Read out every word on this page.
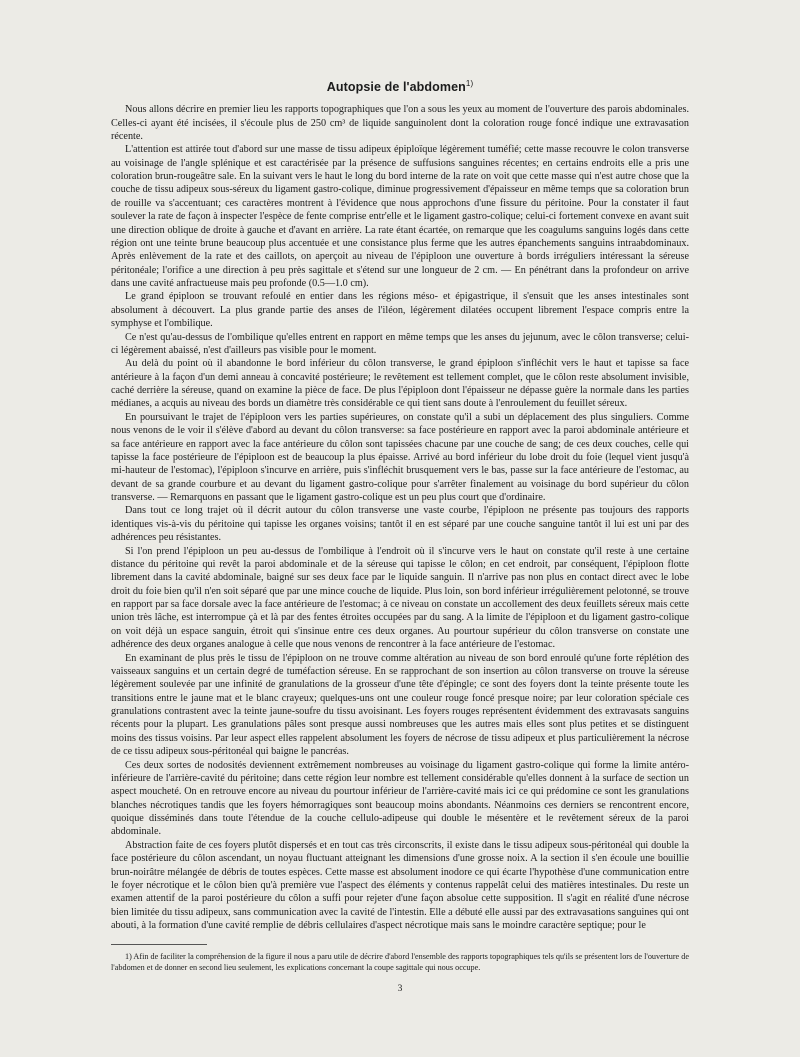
Autopsie de l'abdomen$^{1)}$

Nous allons décrire en premier lieu les rapports topographiques que l'on a sous les yeux au moment de l'ouverture des parois abdominales. Celles-ci ayant été incisées, il s'écoule plus de 250 cm³ de liquide sanguinolent dont la coloration rouge foncé indique une extravasation récente.

L'attention est attirée tout d'abord sur une masse de tissu adipeux épiploïque légèrement tuméfié; cette masse recouvre le colon transverse au voisinage de l'angle splénique et est caractérisée par la présence de suffusions sanguines récentes; en certains endroits elle a pris une coloration brun-rougeâtre sale. En la suivant vers le haut le long du bord interne de la rate on voit que cette masse qui n'est autre chose que la couche de tissu adipeux sous-séreux du ligament gastro-colique, diminue progressivement d'épaisseur en même temps que sa coloration brun de rouille va s'accentuant; ces caractères montrent à l'évidence que nous approchons d'une fissure du péritoine. Pour la constater il faut soulever la rate de façon à inspecter l'espèce de fente comprise entr'elle et le ligament gastro-colique; celui-ci fortement convexe en avant suit une direction oblique de droite à gauche et d'avant en arrière. La rate étant écartée, on remarque que les coagulums sanguins logés dans cette région ont une teinte brune beaucoup plus accentuée et une consistance plus ferme que les autres épanchements sanguins intraabdominaux. Après enlèvement de la rate et des caillots, on aperçoit au niveau de l'épiploon une ouverture à bords irréguliers intéressant la séreuse péritonéale; l'orifice a une direction à peu près sagittale et s'étend sur une longueur de 2 cm. — En pénétrant dans la profondeur on arrive dans une cavité anfractueuse mais peu profonde (0.5—1.0 cm).

Le grand épiploon se trouvant refoulé en entier dans les régions méso- et épigastrique, il s'ensuit que les anses intestinales sont absolument à découvert. La plus grande partie des anses de l'iléon, légèrement dilatées occupent librement l'espace compris entre la symphyse et l'ombilique.

Ce n'est qu'au-dessus de l'ombilique qu'elles entrent en rapport en même temps que les anses du jejunum, avec le côlon transverse; celui-ci légèrement abaissé, n'est d'ailleurs pas visible pour le moment.

Au delà du point où il abandonne le bord inférieur du côlon transverse, le grand épiploon s'infléchit vers le haut et tapisse sa face antérieure à la façon d'un demi anneau à concavité postérieure; le revêtement est tellement complet, que le côlon reste absolument invisible, caché derrière la séreuse, quand on examine la pièce de face. De plus l'épiploon dont l'épaisseur ne dépasse guère la normale dans les parties médianes, a acquis au niveau des bords un diamètre très considérable ce qui tient sans doute à l'enroulement du feuillet séreux.

En poursuivant le trajet de l'épiploon vers les parties supérieures, on constate qu'il a subi un déplacement des plus singuliers. Comme nous venons de le voir il s'élève d'abord au devant du côlon transverse: sa face postérieure en rapport avec la paroi abdominale antérieure et sa face antérieure en rapport avec la face antérieure du côlon sont tapissées chacune par une couche de sang; de ces deux couches, celle qui tapisse la face postérieure de l'épiploon est de beaucoup la plus épaisse. Arrivé au bord inférieur du lobe droit du foie (lequel vient jusqu'à mi-hauteur de l'estomac), l'épiploon s'incurve en arrière, puis s'infléchit brusquement vers le bas, passe sur la face antérieure de l'estomac, au devant de sa grande courbure et au devant du ligament gastro-colique pour s'arrêter finalement au voisinage du bord supérieur du côlon transverse. — Remarquons en passant que le ligament gastro-colique est un peu plus court que d'ordinaire.

Dans tout ce long trajet où il décrit autour du côlon transverse une vaste courbe, l'épiploon ne présente pas toujours des rapports identiques vis-à-vis du péritoine qui tapisse les organes voisins; tantôt il en est séparé par une couche sanguine tantôt il lui est uni par des adhérences peu résistantes.

Si l'on prend l'épiploon un peu au-dessus de l'ombilique à l'endroit où il s'incurve vers le haut on constate qu'il reste à une certaine distance du péritoine qui revêt la paroi abdominale et de la séreuse qui tapisse le côlon; en cet endroit, par conséquent, l'épiploon flotte librement dans la cavité abdominale, baigné sur ses deux face par le liquide sanguin. Il n'arrive pas non plus en contact direct avec le lobe droit du foie bien qu'il n'en soit séparé que par une mince couche de liquide. Plus loin, son bord inférieur irrégulièrement pelotonné, se trouve en rapport par sa face dorsale avec la face antérieure de l'estomac; à ce niveau on constate un accollement des deux feuillets séreux mais cette union très lâche, est interrompue çà et là par des fentes étroites occupées par du sang. A la limite de l'épiploon et du ligament gastro-colique on voit déjà un espace sanguin, étroit qui s'insinue entre ces deux organes. Au pourtour supérieur du côlon transverse on constate une adhérence des deux organes analogue à celle que nous venons de rencontrer à la face antérieure de l'estomac.

En examinant de plus près le tissu de l'épiploon on ne trouve comme altération au niveau de son bord enroulé qu'une forte réplétion des vaisseaux sanguins et un certain degré de tuméfaction séreuse. En se rapprochant de son insertion au côlon transverse on trouve la séreuse légèrement soulevée par une infinité de granulations de la grosseur d'une tête d'épingle; ce sont des foyers dont la teinte présente toute les transitions entre le jaune mat et le blanc crayeux; quelques-uns ont une couleur rouge foncé presque noire; par leur coloration spéciale ces granulations contrastent avec la teinte jaune-soufre du tissu avoisinant. Les foyers rouges représentent évidemment des extravasats sanguins récents pour la plupart. Les granulations pâles sont presque aussi nombreuses que les autres mais elles sont plus petites et se distinguent moins des tissus voisins. Par leur aspect elles rappelent absolument les foyers de nécrose de tissu adipeux et plus particulièrement la nécrose de ce tissu adipeux sous-péritonéal qui baigne le pancréas.

Ces deux sortes de nodosités deviennent extrêmement nombreuses au voisinage du ligament gastro-colique qui forme la limite antéro-inférieure de l'arrière-cavité du péritoine; dans cette région leur nombre est tellement considérable qu'elles donnent à la surface de section un aspect moucheté. On en retrouve encore au niveau du pourtour inférieur de l'arrière-cavité mais ici ce qui prédomine ce sont les granulations blanches nécrotiques tandis que les foyers hémorragiques sont beaucoup moins abondants. Néanmoins ces derniers se rencontrent encore, quoique disséminés dans toute l'étendue de la couche cellulo-adipeuse qui double le mésentère et le revêtement séreux de la paroi abdominale.

Abstraction faite de ces foyers plutôt dispersés et en tout cas très circonscrits, il existe dans le tissu adipeux sous-péritonéal qui double la face postérieure du côlon ascendant, un noyau fluctuant atteignant les dimensions d'une grosse noix. A la section il s'en écoule une bouillie brun-noirâtre mélangée de débris de toutes espèces. Cette masse est absolument inodore ce qui écarte l'hypothèse d'une communication entre le foyer nécrotique et le côlon bien qu'à première vue l'aspect des éléments y contenus rappelât celui des matières intestinales. Du reste un examen attentif de la paroi postérieure du côlon a suffi pour rejeter d'une façon absolue cette supposition. Il s'agit en réalité d'une nécrose bien limitée du tissu adipeux, sans communication avec la cavité de l'intestin. Elle a débuté elle aussi par des extravasations sanguines qui ont abouti, à la formation d'une cavité remplie de débris cellulaires d'aspect nécrotique mais sans le moindre caractère septique; pour le

1) Afin de faciliter la compréhension de la figure il nous a paru utile de décrire d'abord l'ensemble des rapports topographiques tels qu'ils se présentent lors de l'ouverture de l'abdomen et de donner en second lieu seulement, les explications concernant la coupe sagittale qui nous occupe.

3
